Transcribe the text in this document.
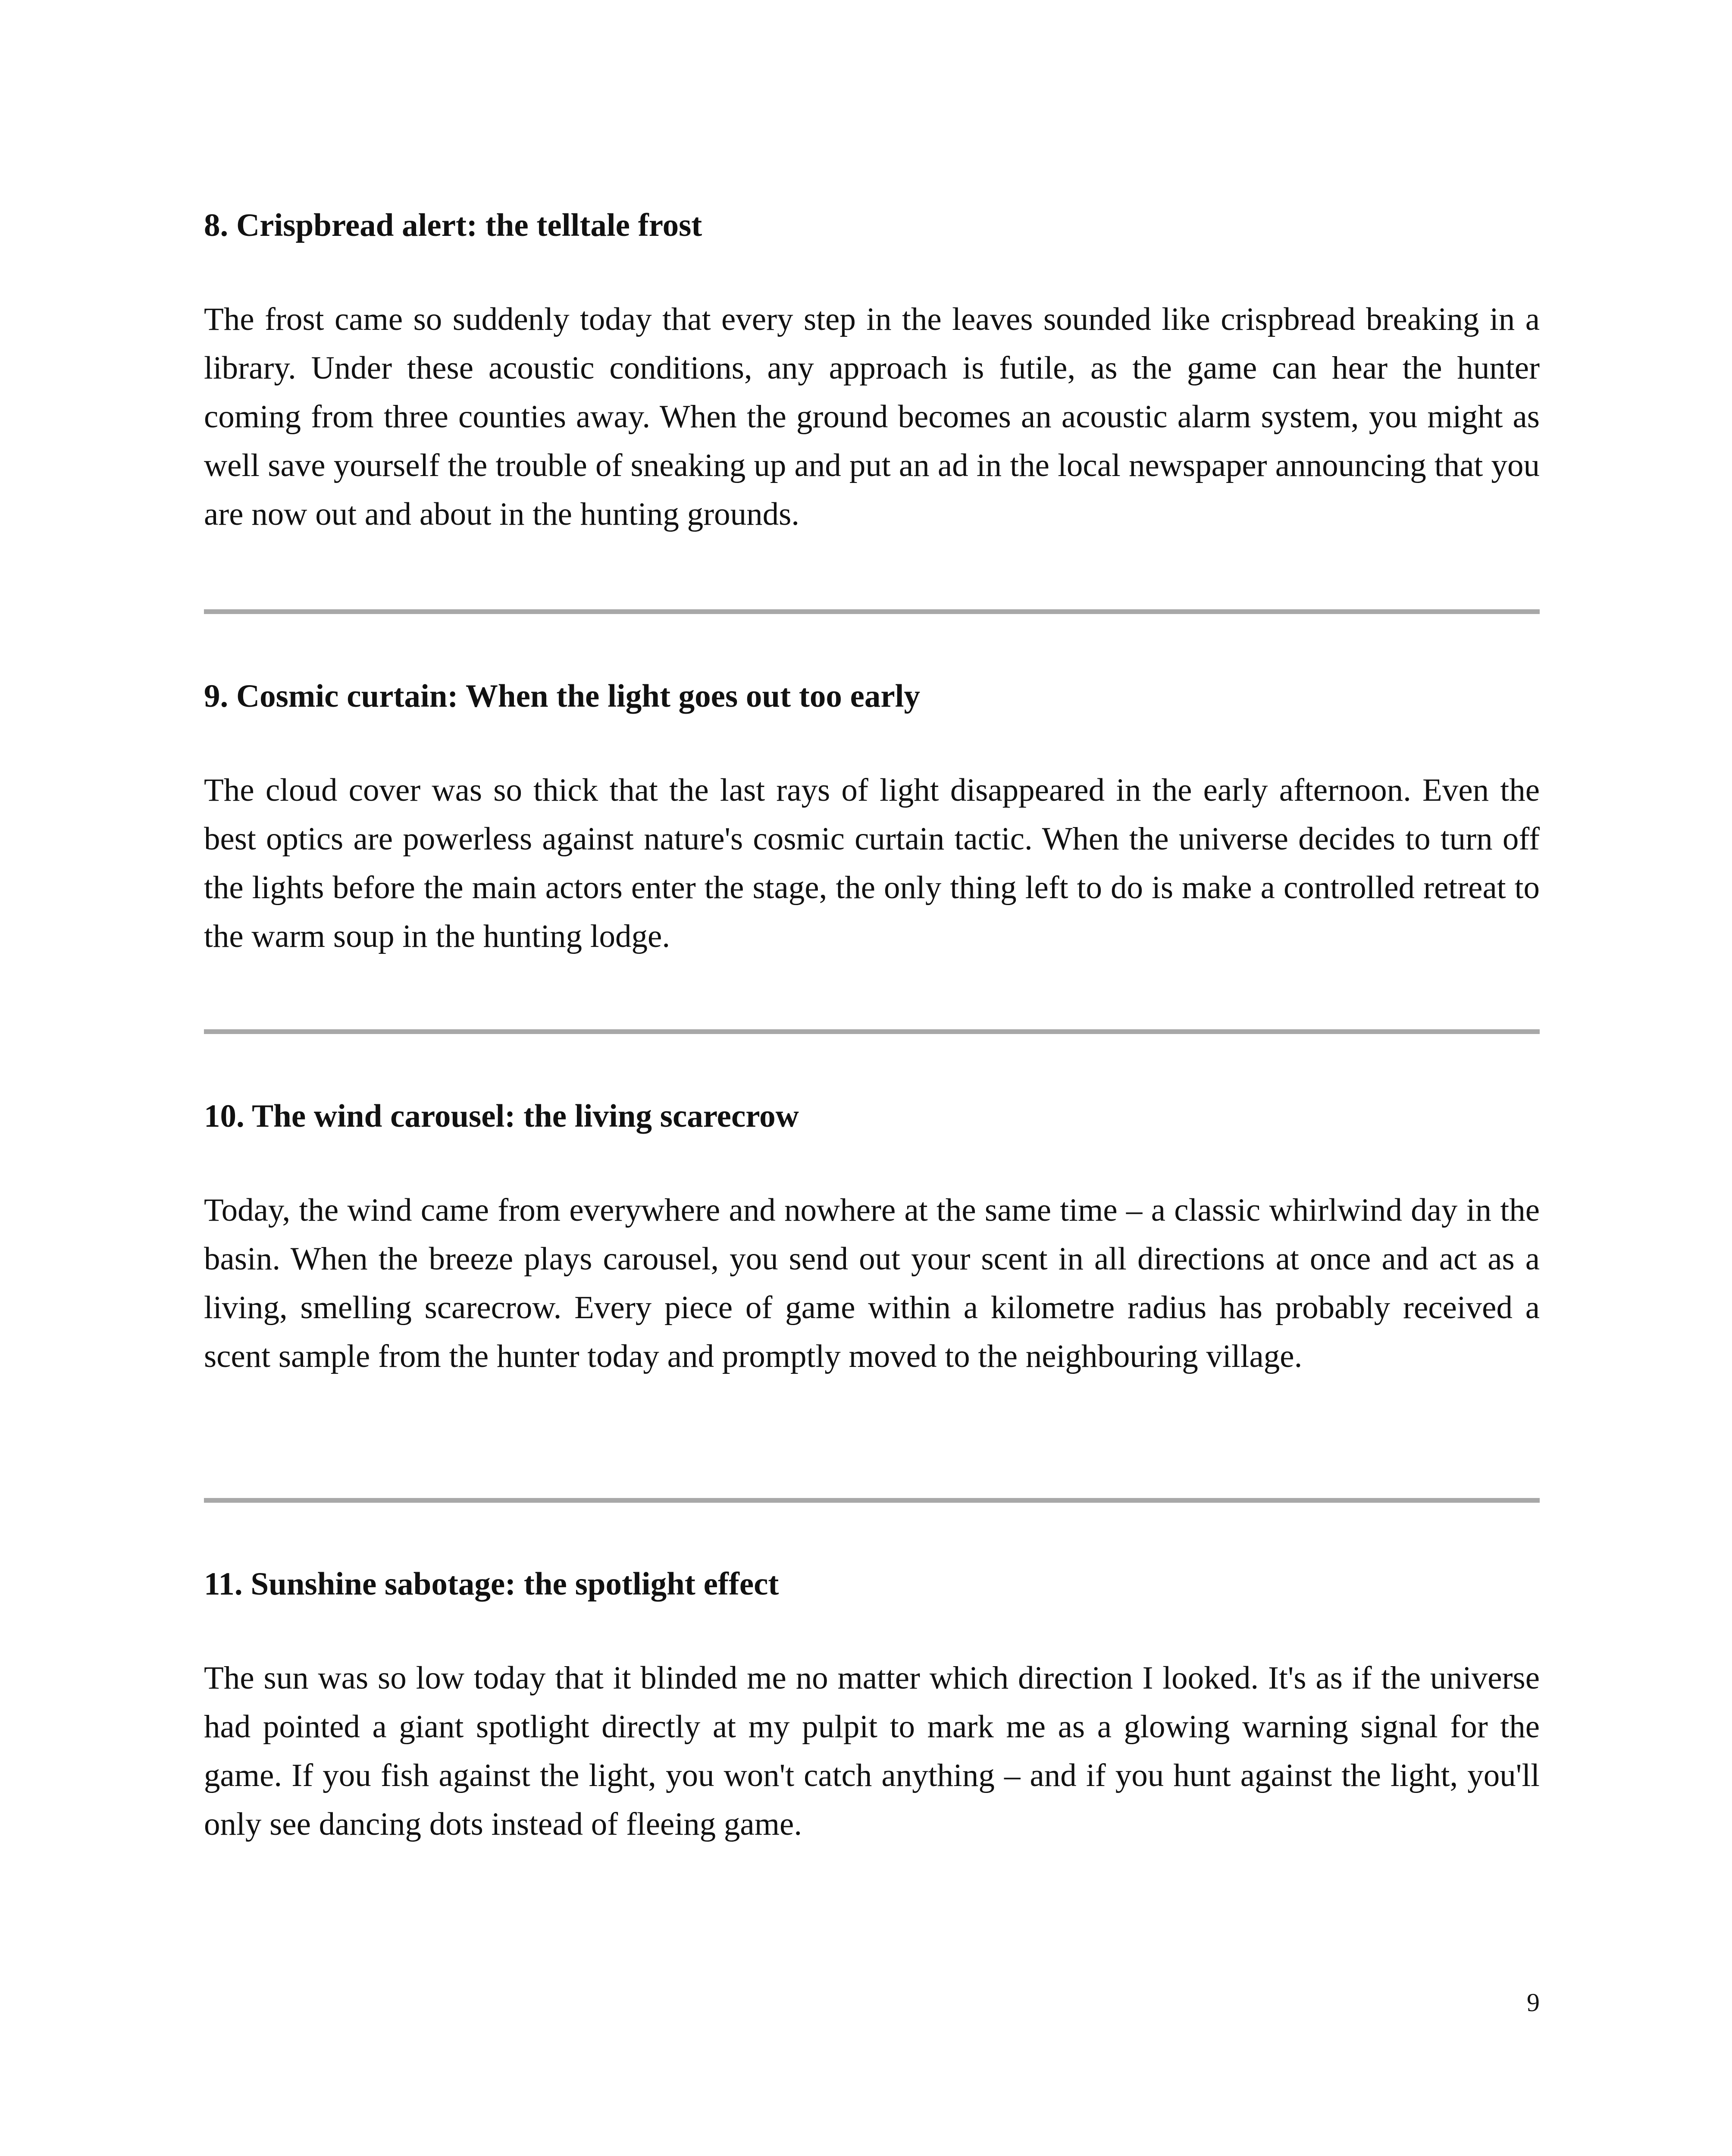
8. Crispbread alert: the telltale frost

The frost came so suddenly today that every step in the leaves sounded like crispbread breaking in a library. Under these acoustic conditions, any approach is futile, as the game can hear the hunter coming from three counties away. When the ground becomes an acoustic alarm system, you might as well save yourself the trouble of sneaking up and put an ad in the local newspaper announcing that you are now out and about in the hunting grounds.

9. Cosmic curtain: When the light goes out too early

The cloud cover was so thick that the last rays of light disappeared in the early afternoon. Even the best optics are powerless against nature's cosmic curtain tactic. When the universe decides to turn off the lights before the main actors enter the stage, the only thing left to do is make a controlled retreat to the warm soup in the hunting lodge.

10. The wind carousel: the living scarecrow

Today, the wind came from everywhere and nowhere at the same time – a classic whirlwind day in the basin. When the breeze plays carousel, you send out your scent in all directions at once and act as a living, smelling scarecrow. Every piece of game within a kilometre radius has probably received a scent sample from the hunter today and promptly moved to the neighbouring village.

11. Sunshine sabotage: the spotlight effect

The sun was so low today that it blinded me no matter which direction I looked. It's as if the universe had pointed a giant spotlight directly at my pulpit to mark me as a glowing warning signal for the game. If you fish against the light, you won't catch anything – and if you hunt against the light, you'll only see dancing dots instead of fleeing game.

9
